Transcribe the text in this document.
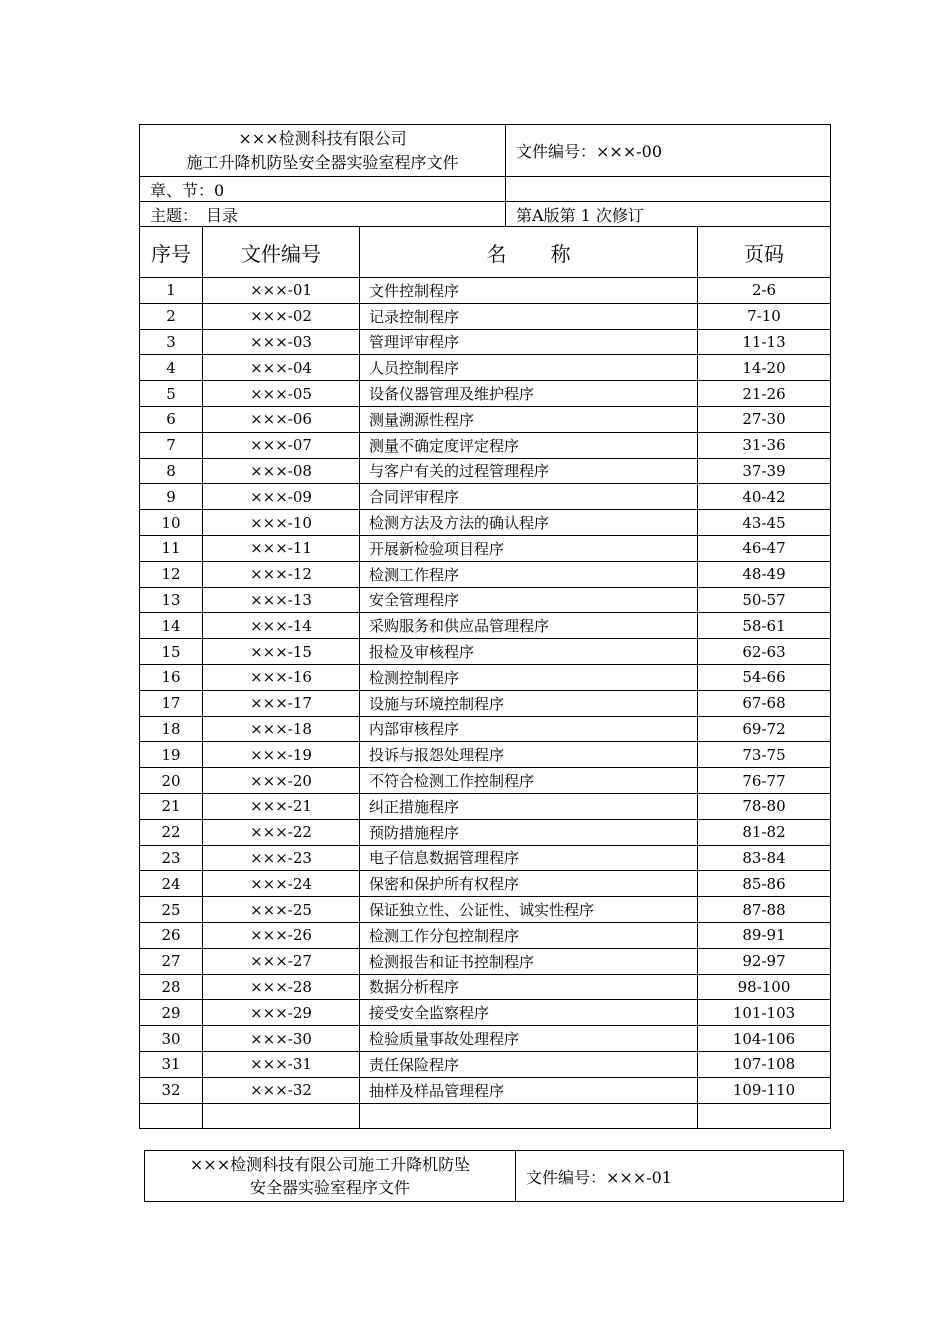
×××检测科技有限公司
施工升降机防坠安全器实验室程序文件			文件编号：×××-00	
章、节：0				
主题：　目录			第A版第 1 次修订	
序号	文件编号	名称		页码
1	×××-01	文件控制程序		2-6
2	×××-02	记录控制程序		7-10
3	×××-03	管理评审程序		11-13
4	×××-04	人员控制程序		14-20
5	×××-05	设备仪器管理及维护程序		21-26
6	×××-06	测量溯源性程序		27-30
7	×××-07	测量不确定度评定程序		31-36
8	×××-08	与客户有关的过程管理程序		37-39
9	×××-09	合同评审程序		40-42
10	×××-10	检测方法及方法的确认程序		43-45
11	×××-11	开展新检验项目程序		46-47
12	×××-12	检测工作程序		48-49
13	×××-13	安全管理程序		50-57
14	×××-14	采购服务和供应品管理程序		58-61
15	×××-15	报检及审核程序		62-63
16	×××-16	检测控制程序		54-66
17	×××-17	设施与环境控制程序		67-68
18	×××-18	内部审核程序		69-72
19	×××-19	投诉与报怨处理程序		73-75
20	×××-20	不符合检测工作控制程序		76-77
21	×××-21	纠正措施程序		78-80
22	×××-22	预防措施程序		81-82
23	×××-23	电子信息数据管理程序		83-84
24	×××-24	保密和保护所有权程序		85-86
25	×××-25	保证独立性、公证性、诚实性程序		87-88
26	×××-26	检测工作分包控制程序		89-91
27	×××-27	检测报告和证书控制程序		92-97
28	×××-28	数据分析程序		98-100
29	×××-29	接受安全监察程序		101-103
30	×××-30	检验质量事故处理程序		104-106
31	×××-31	责任保险程序		107-108
32	×××-32	抽样及样品管理程序		109-110

×××检测科技有限公司施工升降机防坠
安全器实验室程序文件
	文件编号：×××-01
